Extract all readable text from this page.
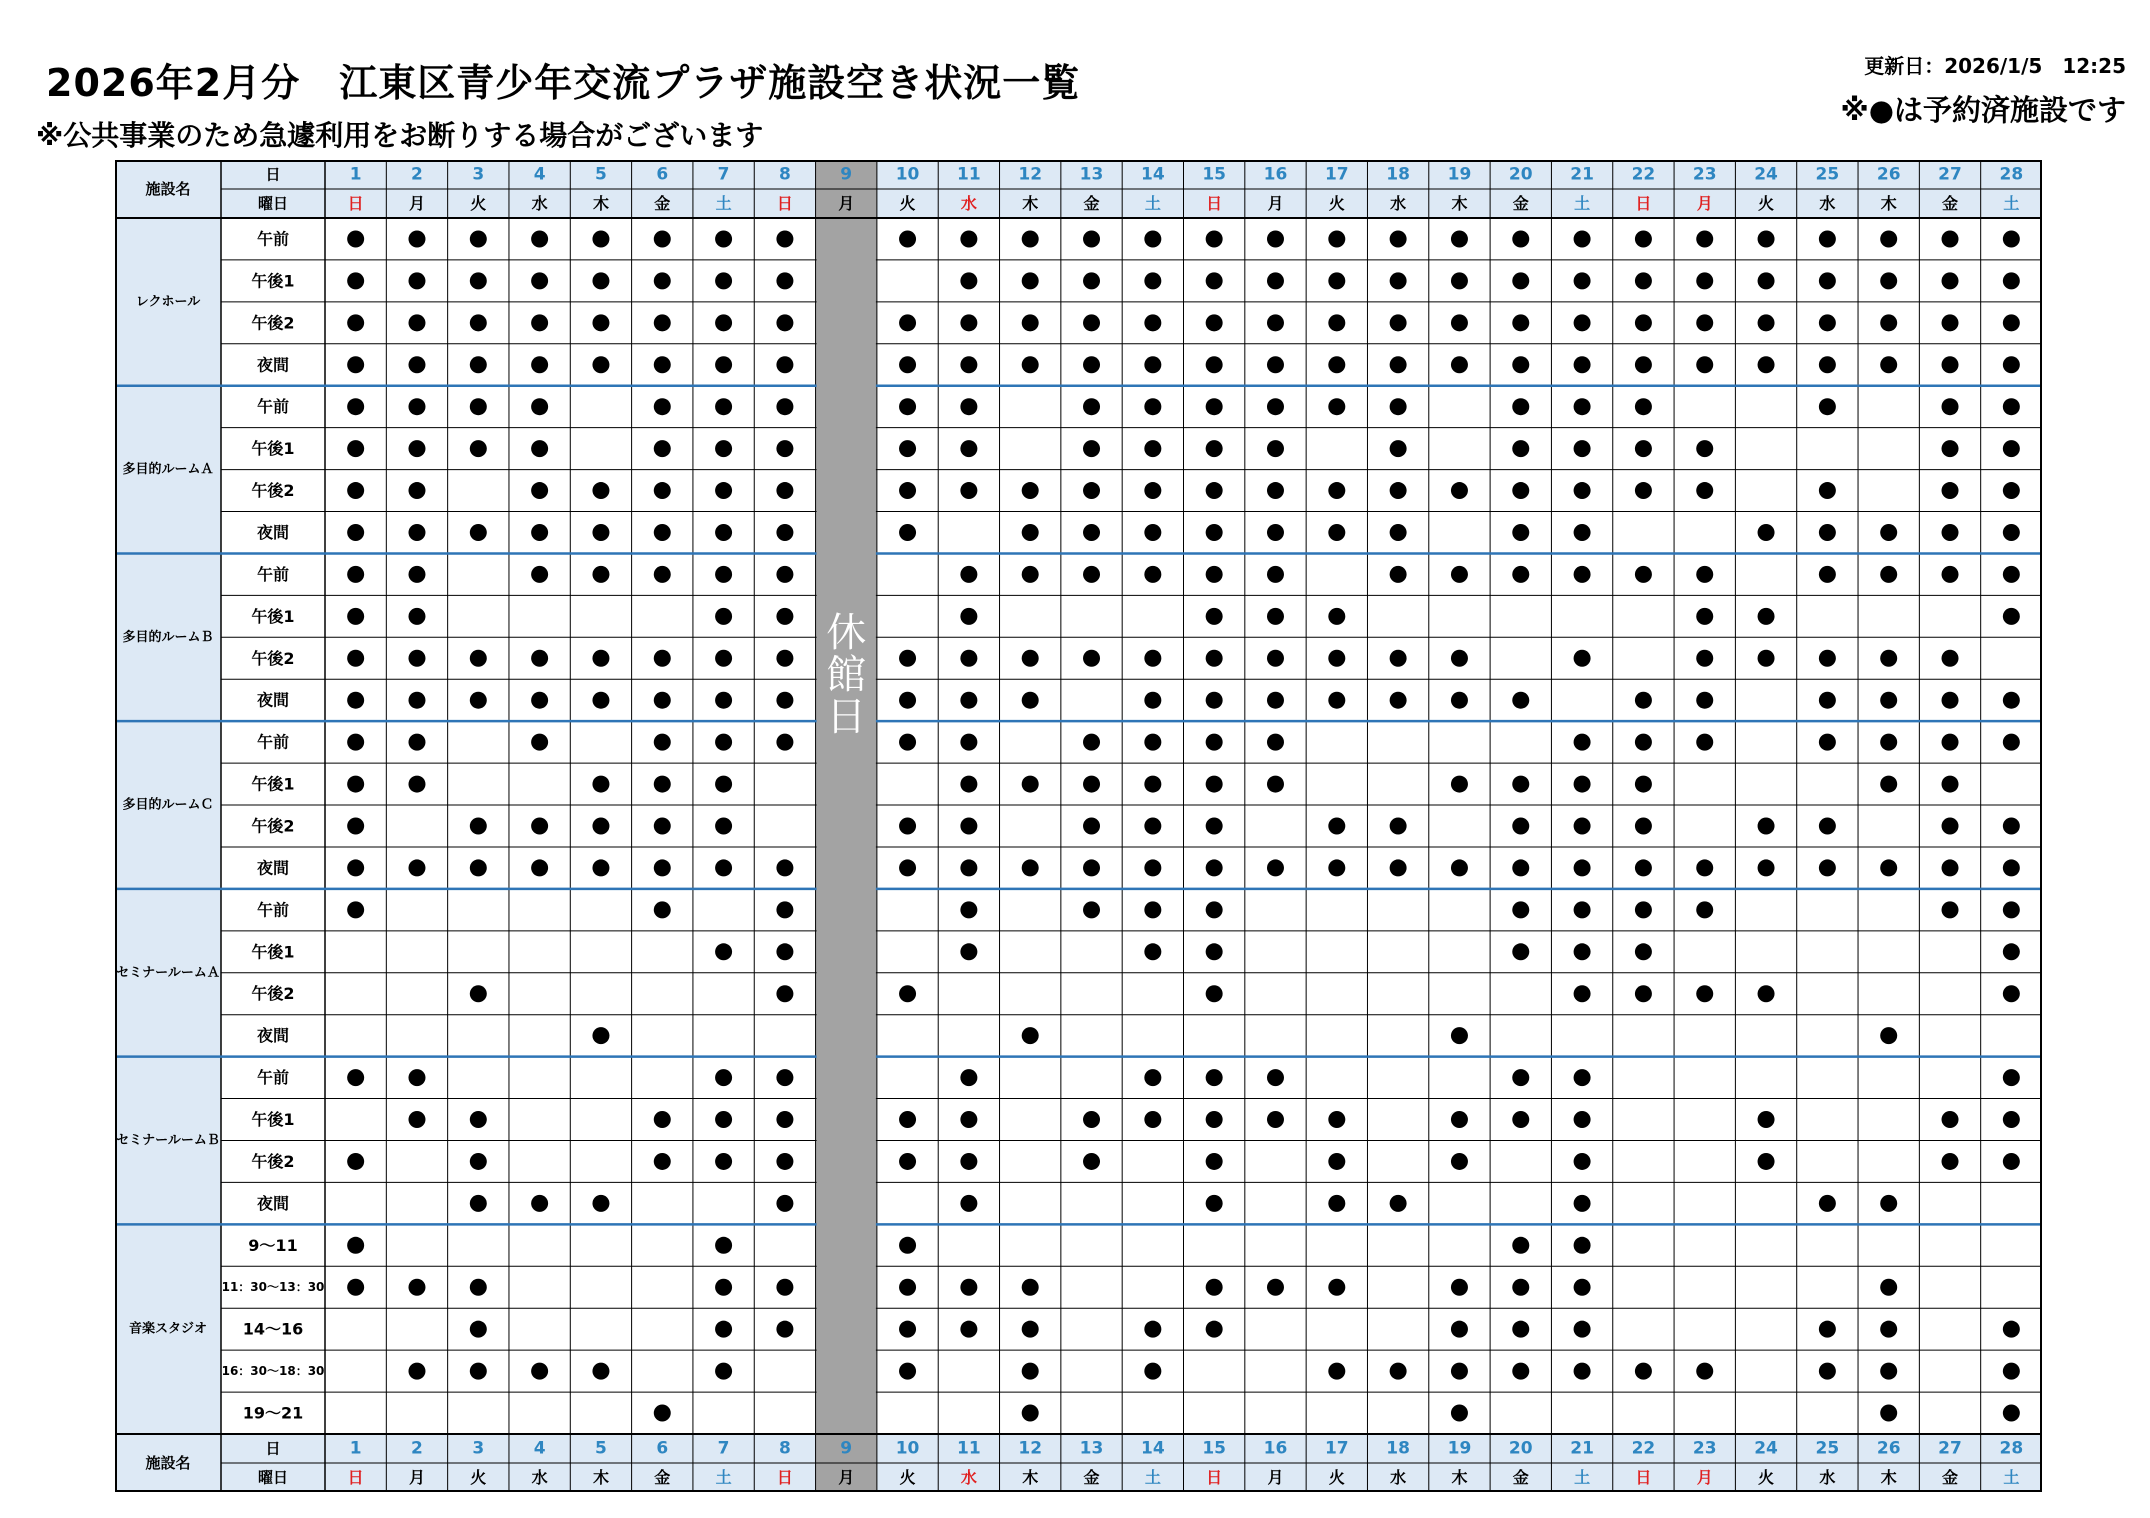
2026年2月分　江東区青少年交流プラザ施設空き状況一覧
※公共事業のため急遽利用をお断りする場合がございます
更新日：2026/1/5　12:25
※●は予約済施設です
施設名
日
曜日
1
日
2
月
3
火
4
水
5
木
6
金
7
土
8
日
9
月
10
火
11
水
12
木
13
金
14
土
15
日
16
月
17
火
18
水
19
木
20
金
21
土
22
日
23
月
24
火
25
水
26
木
27
金
28
土
施設名
日
曜日
1
日
2
月
3
火
4
水
5
木
6
金
7
土
8
日
9
月
10
火
11
水
12
木
13
金
14
土
15
日
16
月
17
火
18
水
19
木
20
金
21
土
22
日
23
月
24
火
25
水
26
木
27
金
28
土
レクホール
午前
午後1
午後2
夜間
多目的ルームＡ
午前
午後1
午後2
夜間
多目的ルームＢ
午前
午後1
午後2
夜間
多目的ルームＣ
午前
午後1
午後2
夜間
セミナールームＡ
午前
午後1
午後2
夜間
セミナールームＢ
午前
午後1
午後2
夜間
音楽スタジオ
9～11
11：30～13：30
14～16
16：30～18：30
19～21
休
館
日
